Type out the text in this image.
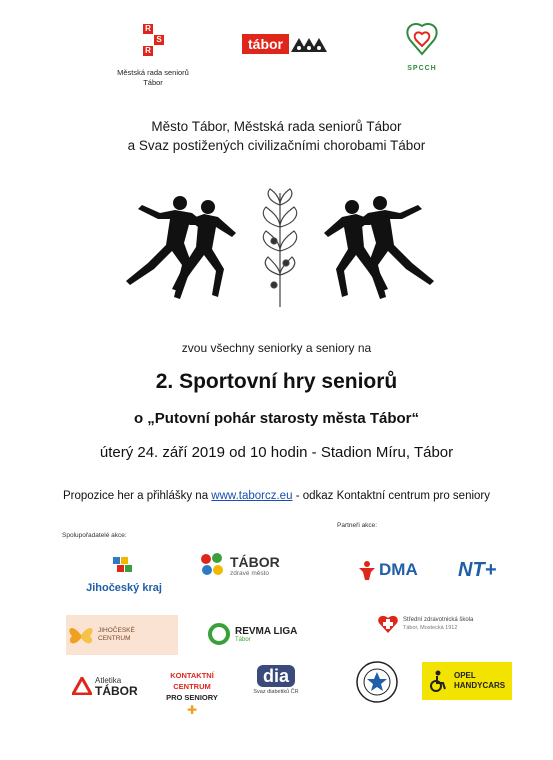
R
S
R
Městská rada seniorů
Tábor
tábor
SPCCH
Město Tábor, Městská rada seniorů Tábor
a Svaz postižených civilizačními chorobami Tábor
zvou všechny seniorky a seniory na
2. Sportovní hry seniorů
o „Putovní pohár starosty města Tábor“
úterý 24. září 2019 od 10 hodin - Stadion Míru, Tábor
Propozice her a přihlášky na www.taborcz.eu - odkaz Kontaktní centrum pro seniory
Spolupořadatelé akce:
Partneři akce:
Jihočeský kraj
TÁBOR
zdravé město	DMA NT+
JIHOČESKÉ
CENTRUM
REVMA LIGA
Tábor
Střední zdravotnická škola
Tábor, Mostecká 1912
Atletika
TÁBOR
KONTAKTNÍ
CENTRUM
PRO SENIORY
✚
dia
Svaz diabetiků ČR
OPEL
HANDYCARS
